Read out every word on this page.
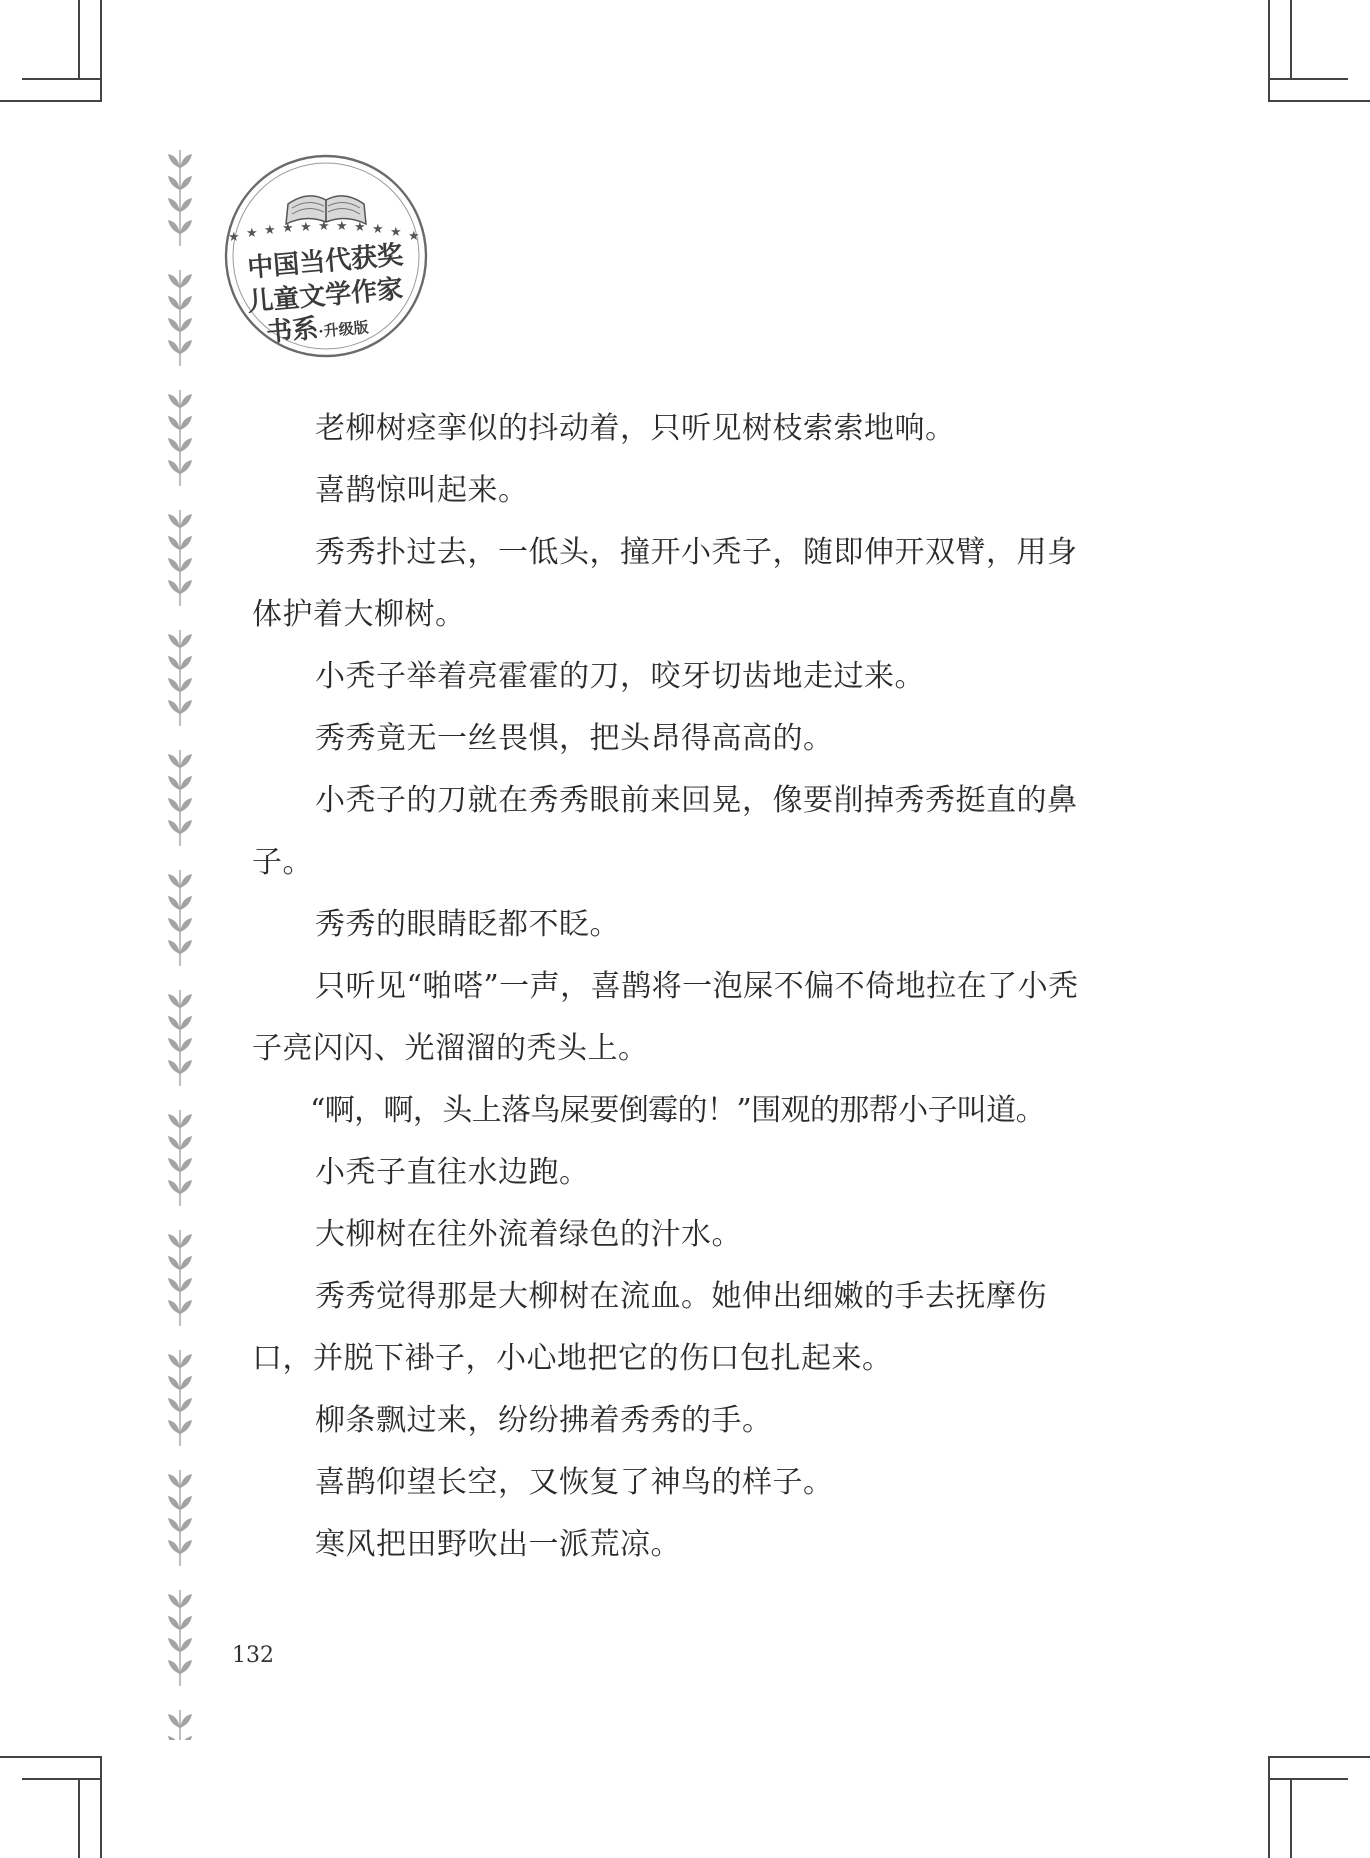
★ ★ ★ ★ ★ ★ ★ ★ ★ ★ ★
中国当代获奖
儿童文学作家
书系·升级版

老柳树痉挛似的抖动着，只听见树枝索索地响。

喜鹊惊叫起来。

秀秀扑过去，一低头，撞开小秃子，随即伸开双臂，用身体护着大柳树。

小秃子举着亮霍霍的刀，咬牙切齿地走过来。

秀秀竟无一丝畏惧，把头昂得高高的。

小秃子的刀就在秀秀眼前来回晃，像要削掉秀秀挺直的鼻子。

秀秀的眼睛眨都不眨。

只听见“啪嗒”一声，喜鹊将一泡屎不偏不倚地拉在了小秃子亮闪闪、光溜溜的秃头上。

“啊，啊，头上落鸟屎要倒霉的！”围观的那帮小子叫道。

小秃子直往水边跑。

大柳树在往外流着绿色的汁水。

秀秀觉得那是大柳树在流血。她伸出细嫩的手去抚摩伤口，并脱下褂子，小心地把它的伤口包扎起来。

柳条飘过来，纷纷拂着秀秀的手。

喜鹊仰望长空，又恢复了神鸟的样子。

寒风把田野吹出一派荒凉。

132
